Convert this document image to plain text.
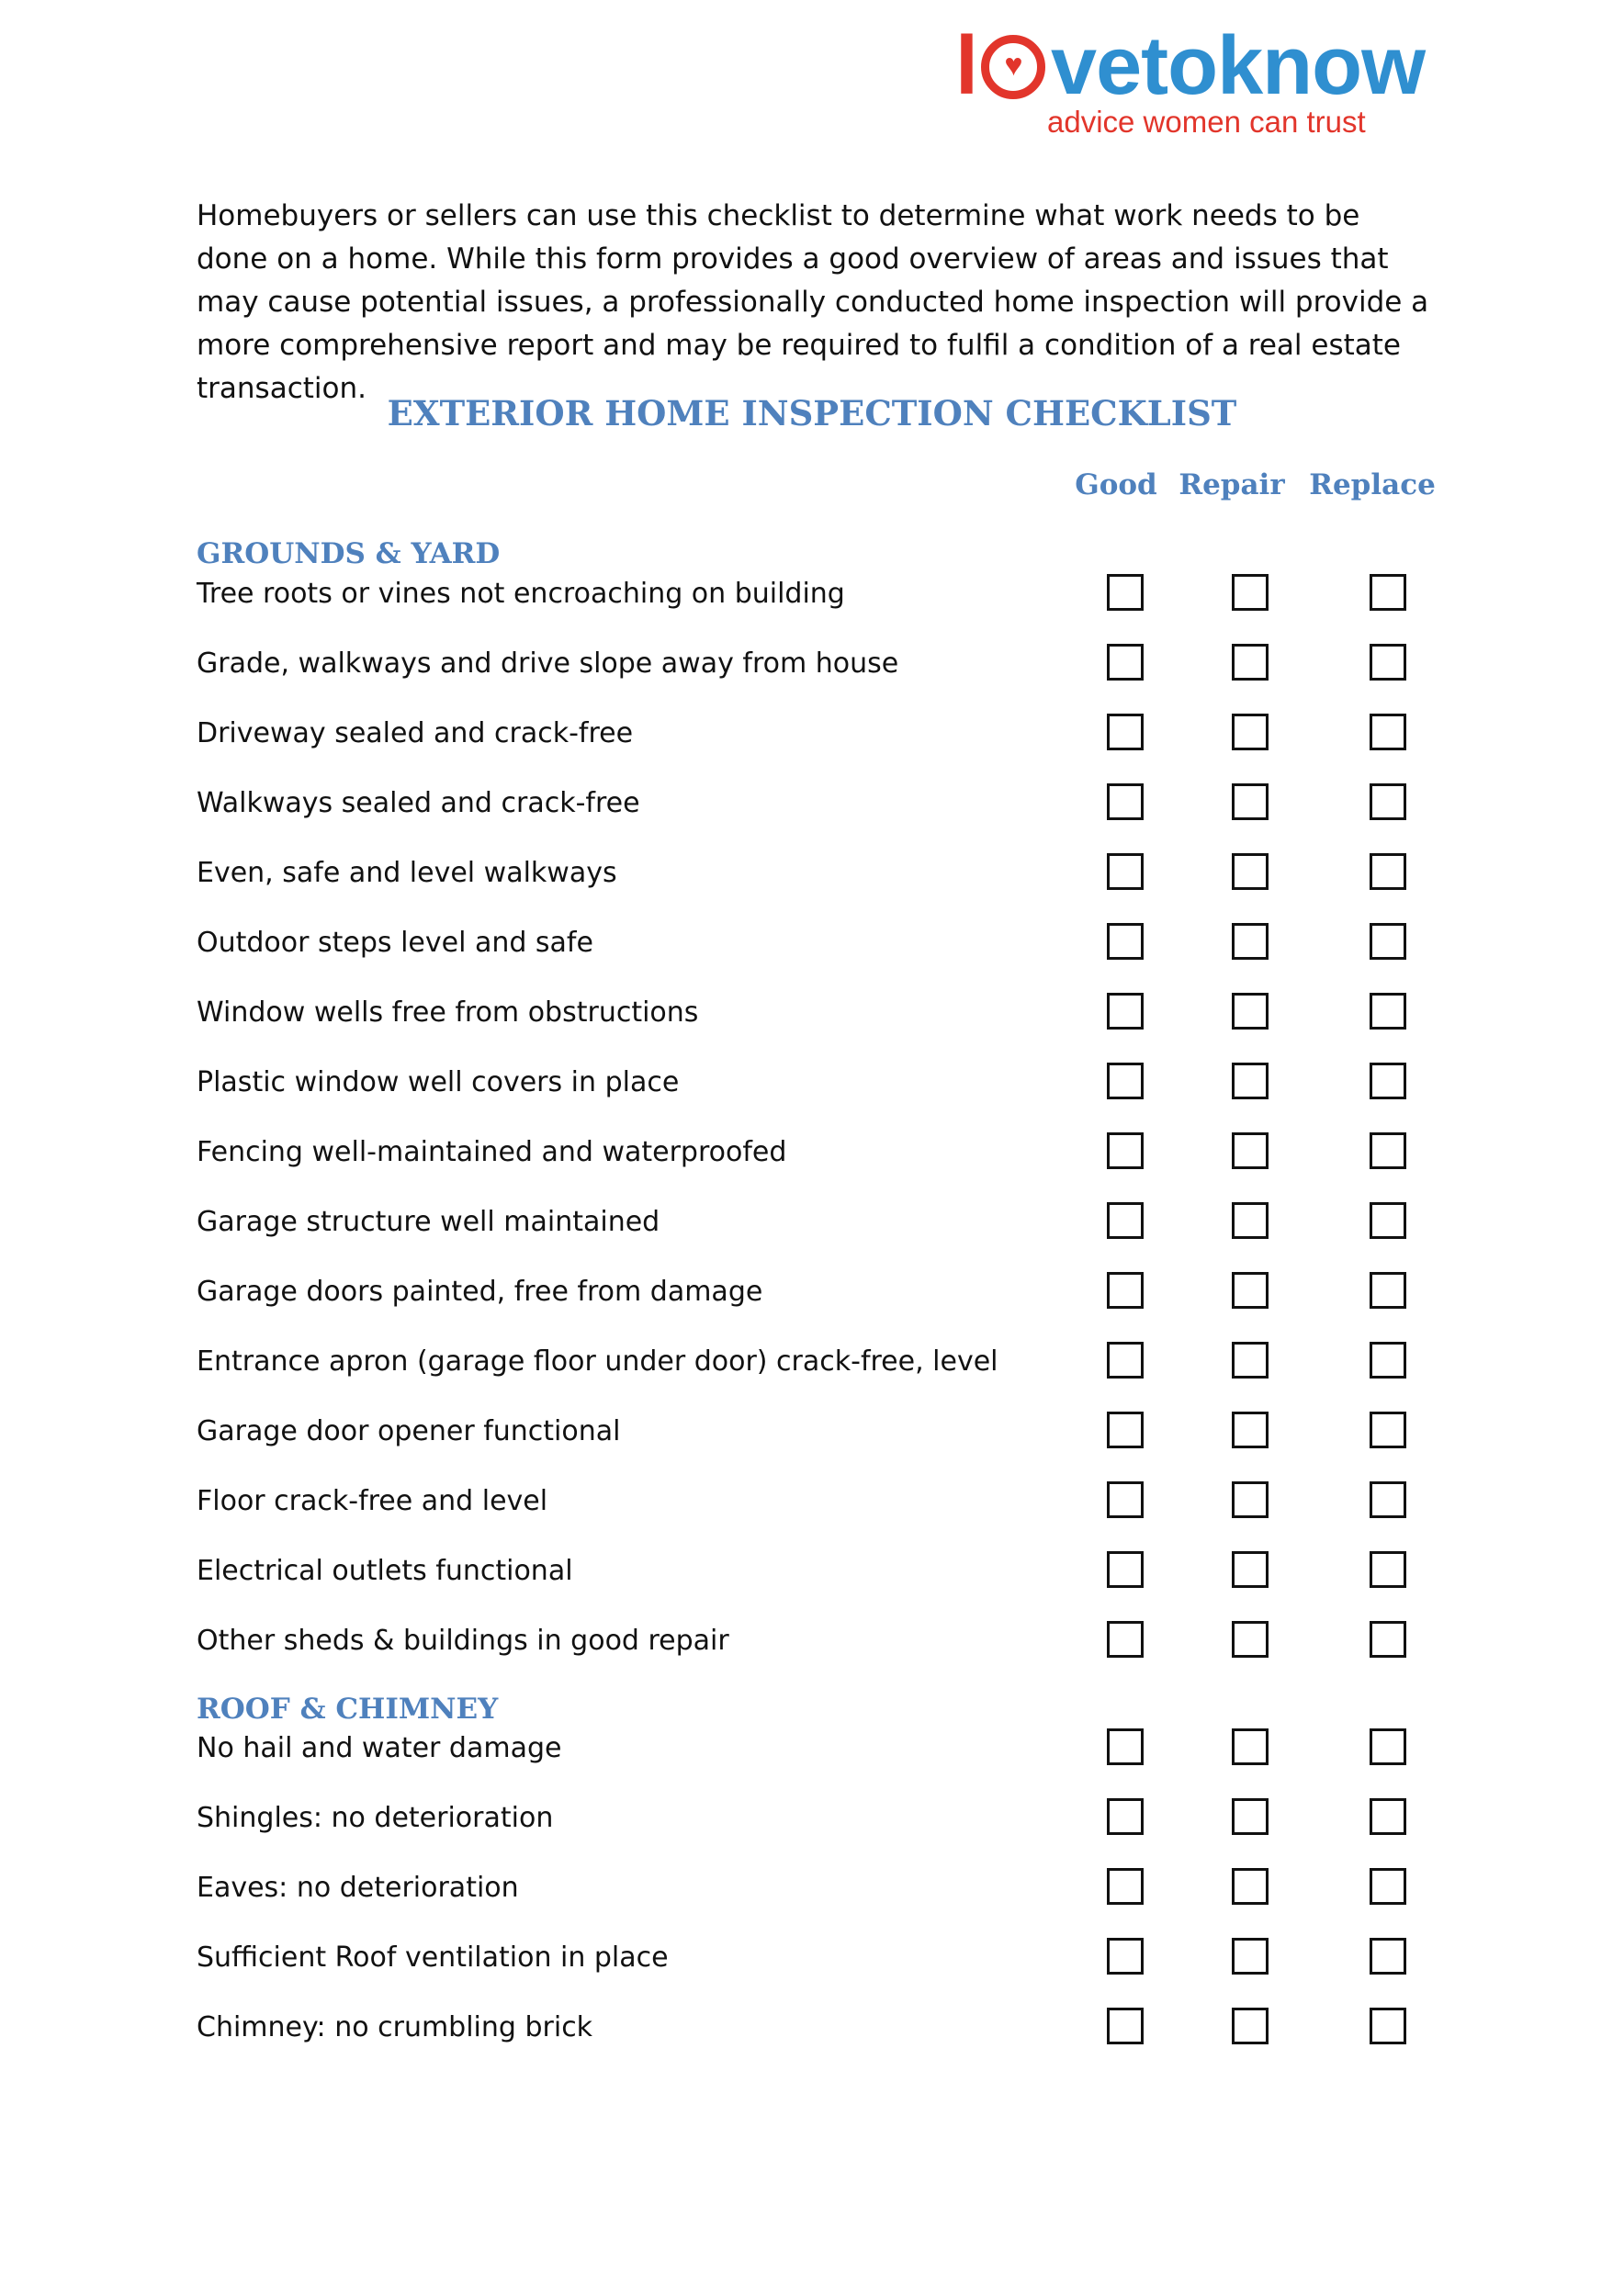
l♥ vetoknow
advice women can trust

Homebuyers or sellers can use this checklist to determine what work needs to be done on a home. While this form provides a good overview of areas and issues that may cause potential issues, a professionally conducted home inspection will provide a more comprehensive report and may be required to fulfil a condition of a real estate transaction.

EXTERIOR HOME INSPECTION CHECKLIST
Good Repair Replace
GROUNDS & YARD
Tree roots or vines not encroaching on building
Grade, walkways and drive slope away from house
Driveway sealed and crack-free
Walkways sealed and crack-free
Even, safe and level walkways
Outdoor steps level and safe
Window wells free from obstructions
Plastic window well covers in place
Fencing well-maintained and waterproofed
Garage structure well maintained
Garage doors painted, free from damage
Entrance apron (garage floor under door) crack-free, level
Garage door opener functional
Floor crack-free and level
Electrical outlets functional
Other sheds & buildings in good repair
ROOF & CHIMNEY
No hail and water damage
Shingles: no deterioration
Eaves: no deterioration
Sufficient Roof ventilation in place
Chimney: no crumbling brick
